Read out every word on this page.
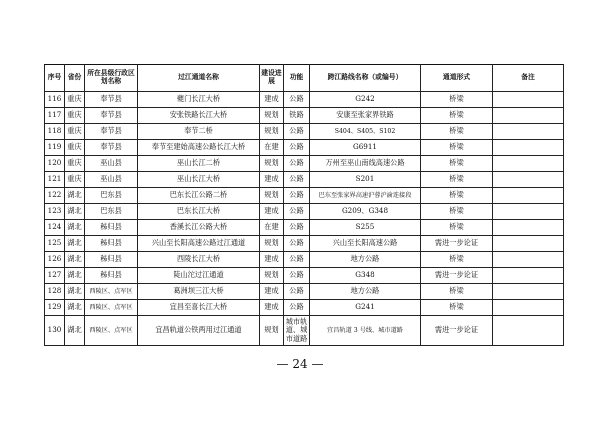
序号	省份	所在县级行政区划名称	过江通道名称	建设进展	功能	跨江路线名称（或编号）	通道形式	备注
116	重庆	奉节县	夔门长江大桥	建成	公路	G242	桥梁	
117	重庆	奉节县	安张铁路长江大桥	规划	铁路	安康至张家界铁路	桥梁	
118	重庆	奉节县	奉节二桥	规划	公路	S404、S405、S102	桥梁	
119	重庆	奉节县	奉节至建始高速公路长江大桥	在建	公路	G6911	桥梁	
120	重庆	巫山县	巫山长江二桥	规划	公路	万州至巫山南线高速公路	桥梁	
121	重庆	巫山县	巫山长江大桥	建成	公路	S201	桥梁	
122	湖北	巴东县	巴东长江公路二桥	规划	公路	巴东至张家界高速沪蓉沪渝连接段	桥梁	
123	湖北	巴东县	巴东长江大桥	建成	公路	G209、G348	桥梁	
124	湖北	秭归县	香溪长江公路大桥	在建	公路	S255	桥梁	
125	湖北	秭归县	兴山至长阳高速公路过江通道	规划	公路	兴山至长阳高速公路	需进一步论证	
126	湖北	秭归县	西陵长江大桥	建成	公路	地方公路	桥梁	
127	湖北	秭归县	陡山沱过江通道	规划	公路	G348	需进一步论证	
128	湖北	西陵区、点军区	葛洲坝三江大桥	建成	公路	地方公路	桥梁	
129	湖北	西陵区、点军区	宜昌至喜长江大桥	建成	公路	G241	桥梁	
130	湖北	西陵区、点军区	宜昌轨道公铁两用过江通道	规划	城市轨道、城市道路	宜昌轨道 3 号线、城市道路	需进一步论证	
— 24 —
